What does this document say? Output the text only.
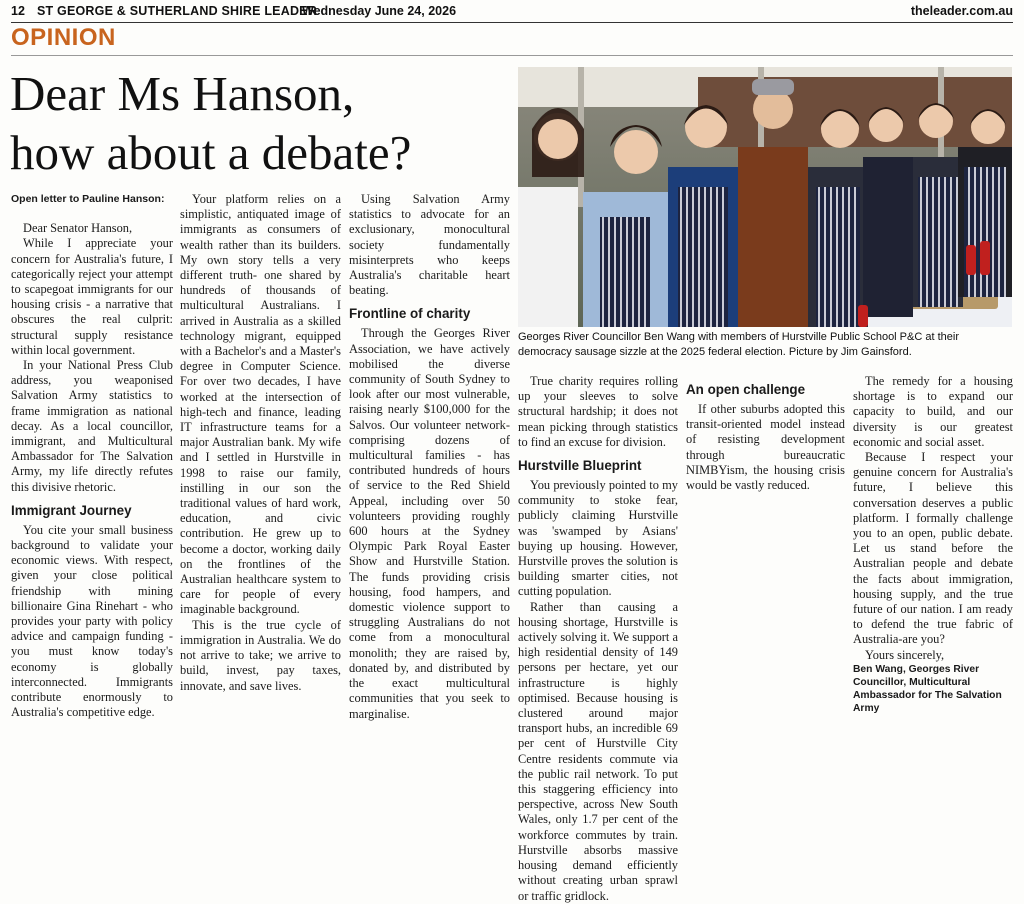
12 ST GEORGE & SUTHERLAND SHIRE LEADER
Wednesday June 24, 2026	theleader.com.au
OPINION
Dear Ms Hanson,
how about a debate?
Georges River Councillor Ben Wang with members of Hurstville Public School P&C at their democracy sausage sizzle at the 2025 federal election. Picture by Jim Gainsford.
Open letter to Pauline Hanson:

Dear Senator Hanson,

While I appreciate your concern for Australia's future, I categorically reject your attempt to scapegoat immigrants for our housing crisis - a narrative that obscures the real culprit: structural supply resistance within local government.

In your National Press Club address, you weaponised Salvation Army statistics to frame immigration as national decay. As a local councillor, immigrant, and Multicultural Ambassador for The Salvation Army, my life directly refutes this divisive rhetoric.

Immigrant Journey

You cite your small business background to validate your economic views. With respect, given your close political friendship with mining billionaire Gina Rinehart - who provides your party with policy advice and campaign funding - you must know today's economy is globally interconnected. Immigrants contribute enormously to Australia's competitive edge.

Your platform relies on a simplistic, antiquated image of immigrants as consumers of wealth rather than its builders. My own story tells a very different truth- one shared by hundreds of thousands of multicultural Australians. I arrived in Australia as a skilled technology migrant, equipped with a Bachelor's and a Master's degree in Computer Science. For over two decades, I have worked at the intersection of high-tech and finance, leading IT infrastructure teams for a major Australian bank. My wife and I settled in Hurstville in 1998 to raise our family, instilling in our son the traditional values of hard work, education, and civic contribution. He grew up to become a doctor, working daily on the frontlines of the Australian healthcare system to care for people of every imaginable background.

This is the true cycle of immigration in Australia. We do not arrive to take; we arrive to build, invest, pay taxes, innovate, and save lives.

Using Salvation Army statistics to advocate for an exclusionary, monocultural society fundamentally misinterprets who keeps Australia's charitable heart beating.

Frontline of charity

Through the Georges River Association, we have actively mobilised the diverse community of South Sydney to look after our most vulnerable, raising nearly $100,000 for the Salvos. Our volunteer network- comprising dozens of multicultural families - has contributed hundreds of hours of service to the Red Shield Appeal, including over 50 volunteers providing roughly 600 hours at the Sydney Olympic Park Royal Easter Show and Hurstville Station. The funds providing crisis housing, food hampers, and domestic violence support to struggling Australians do not come from a monocultural monolith; they are raised by, donated by, and distributed by the exact multicultural communities that you seek to marginalise.

True charity requires rolling up your sleeves to solve structural hardship; it does not mean picking through statistics to find an excuse for division.

Hurstville Blueprint

You previously pointed to my community to stoke fear, publicly claiming Hurstville was 'swamped by Asians' buying up housing. However, Hurstville proves the solution is building smarter cities, not cutting population.

Rather than causing a housing shortage, Hurstville is actively solving it. We support a high residential density of 149 persons per hectare, yet our infrastructure is highly optimised. Because housing is clustered around major transport hubs, an incredible 69 per cent of Hurstville City Centre residents commute via the public rail network. To put this staggering efficiency into perspective, across New South Wales, only 1.7 per cent of the workforce commutes by train. Hurstville absorbs massive housing demand efficiently without creating urban sprawl or traffic gridlock.

An open challenge

If other suburbs adopted this transit-oriented model instead of resisting development through bureaucratic NIMBYism, the housing crisis would be vastly reduced.

The remedy for a housing shortage is to expand our capacity to build, and our diversity is our greatest economic and social asset.

Because I respect your genuine concern for Australia's future, I believe this conversation deserves a public platform. I formally challenge you to an open, public debate. Let us stand before the Australian people and debate the facts about immigration, housing supply, and the true future of our nation. I am ready to defend the true fabric of Australia-are you?

Yours sincerely,

Ben Wang, Georges River Councillor, Multicultural Ambassador for The Salvation Army
